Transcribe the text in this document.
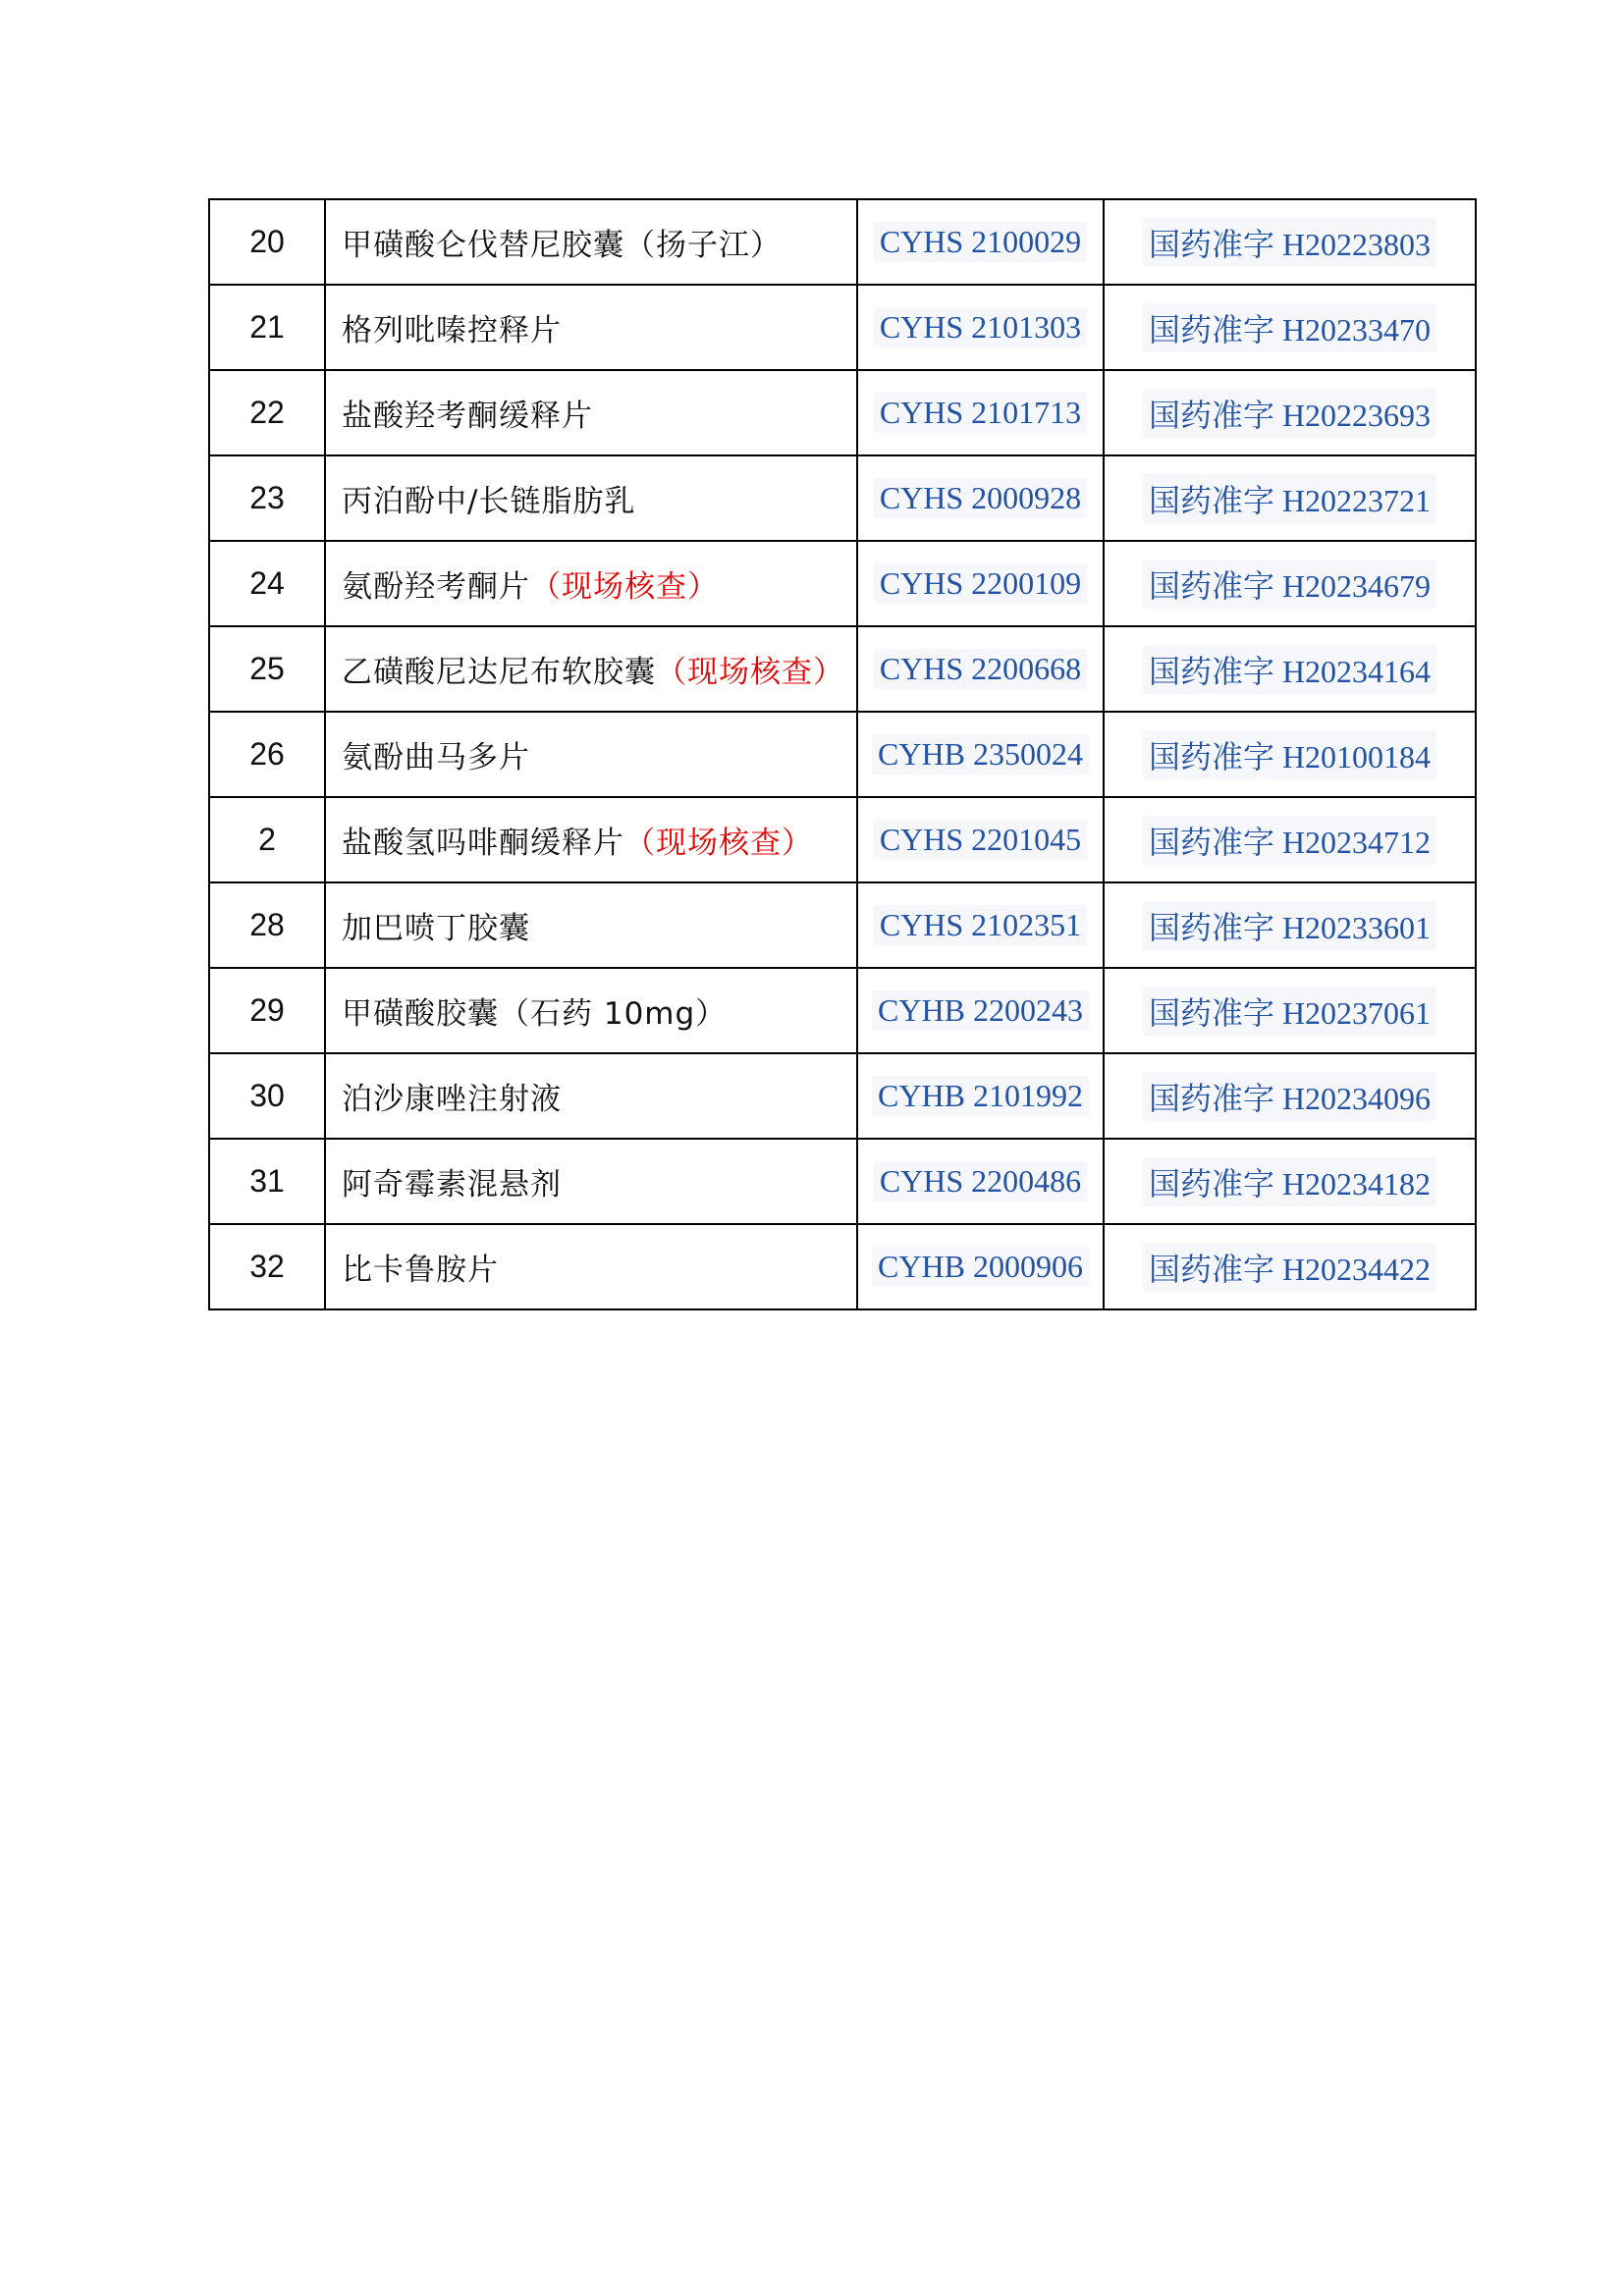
20	甲磺酸仑伐替尼胶囊（扬子江）	CYHS 2100029	国药准字 H20223803
21	格列吡嗪控释片	CYHS 2101303	国药准字 H20233470
22	盐酸羟考酮缓释片	CYHS 2101713	国药准字 H20223693
23	丙泊酚中/长链脂肪乳	CYHS 2000928	国药准字 H20223721
24	氨酚羟考酮片（现场核查）	CYHS 2200109	国药准字 H20234679
25	乙磺酸尼达尼布软胶囊（现场核查）	CYHS 2200668	国药准字 H20234164
26	氨酚曲马多片	CYHB 2350024	国药准字 H20100184
2	盐酸氢吗啡酮缓释片（现场核查）	CYHS 2201045	国药准字 H20234712
28	加巴喷丁胶囊	CYHS 2102351	国药准字 H20233601
29	甲磺酸胶囊（石药 10mg）	CYHB 2200243	国药准字 H20237061
30	泊沙康唑注射液	CYHB 2101992	国药准字 H20234096
31	阿奇霉素混悬剂	CYHS 2200486	国药准字 H20234182
32	比卡鲁胺片	CYHB 2000906	国药准字 H20234422
